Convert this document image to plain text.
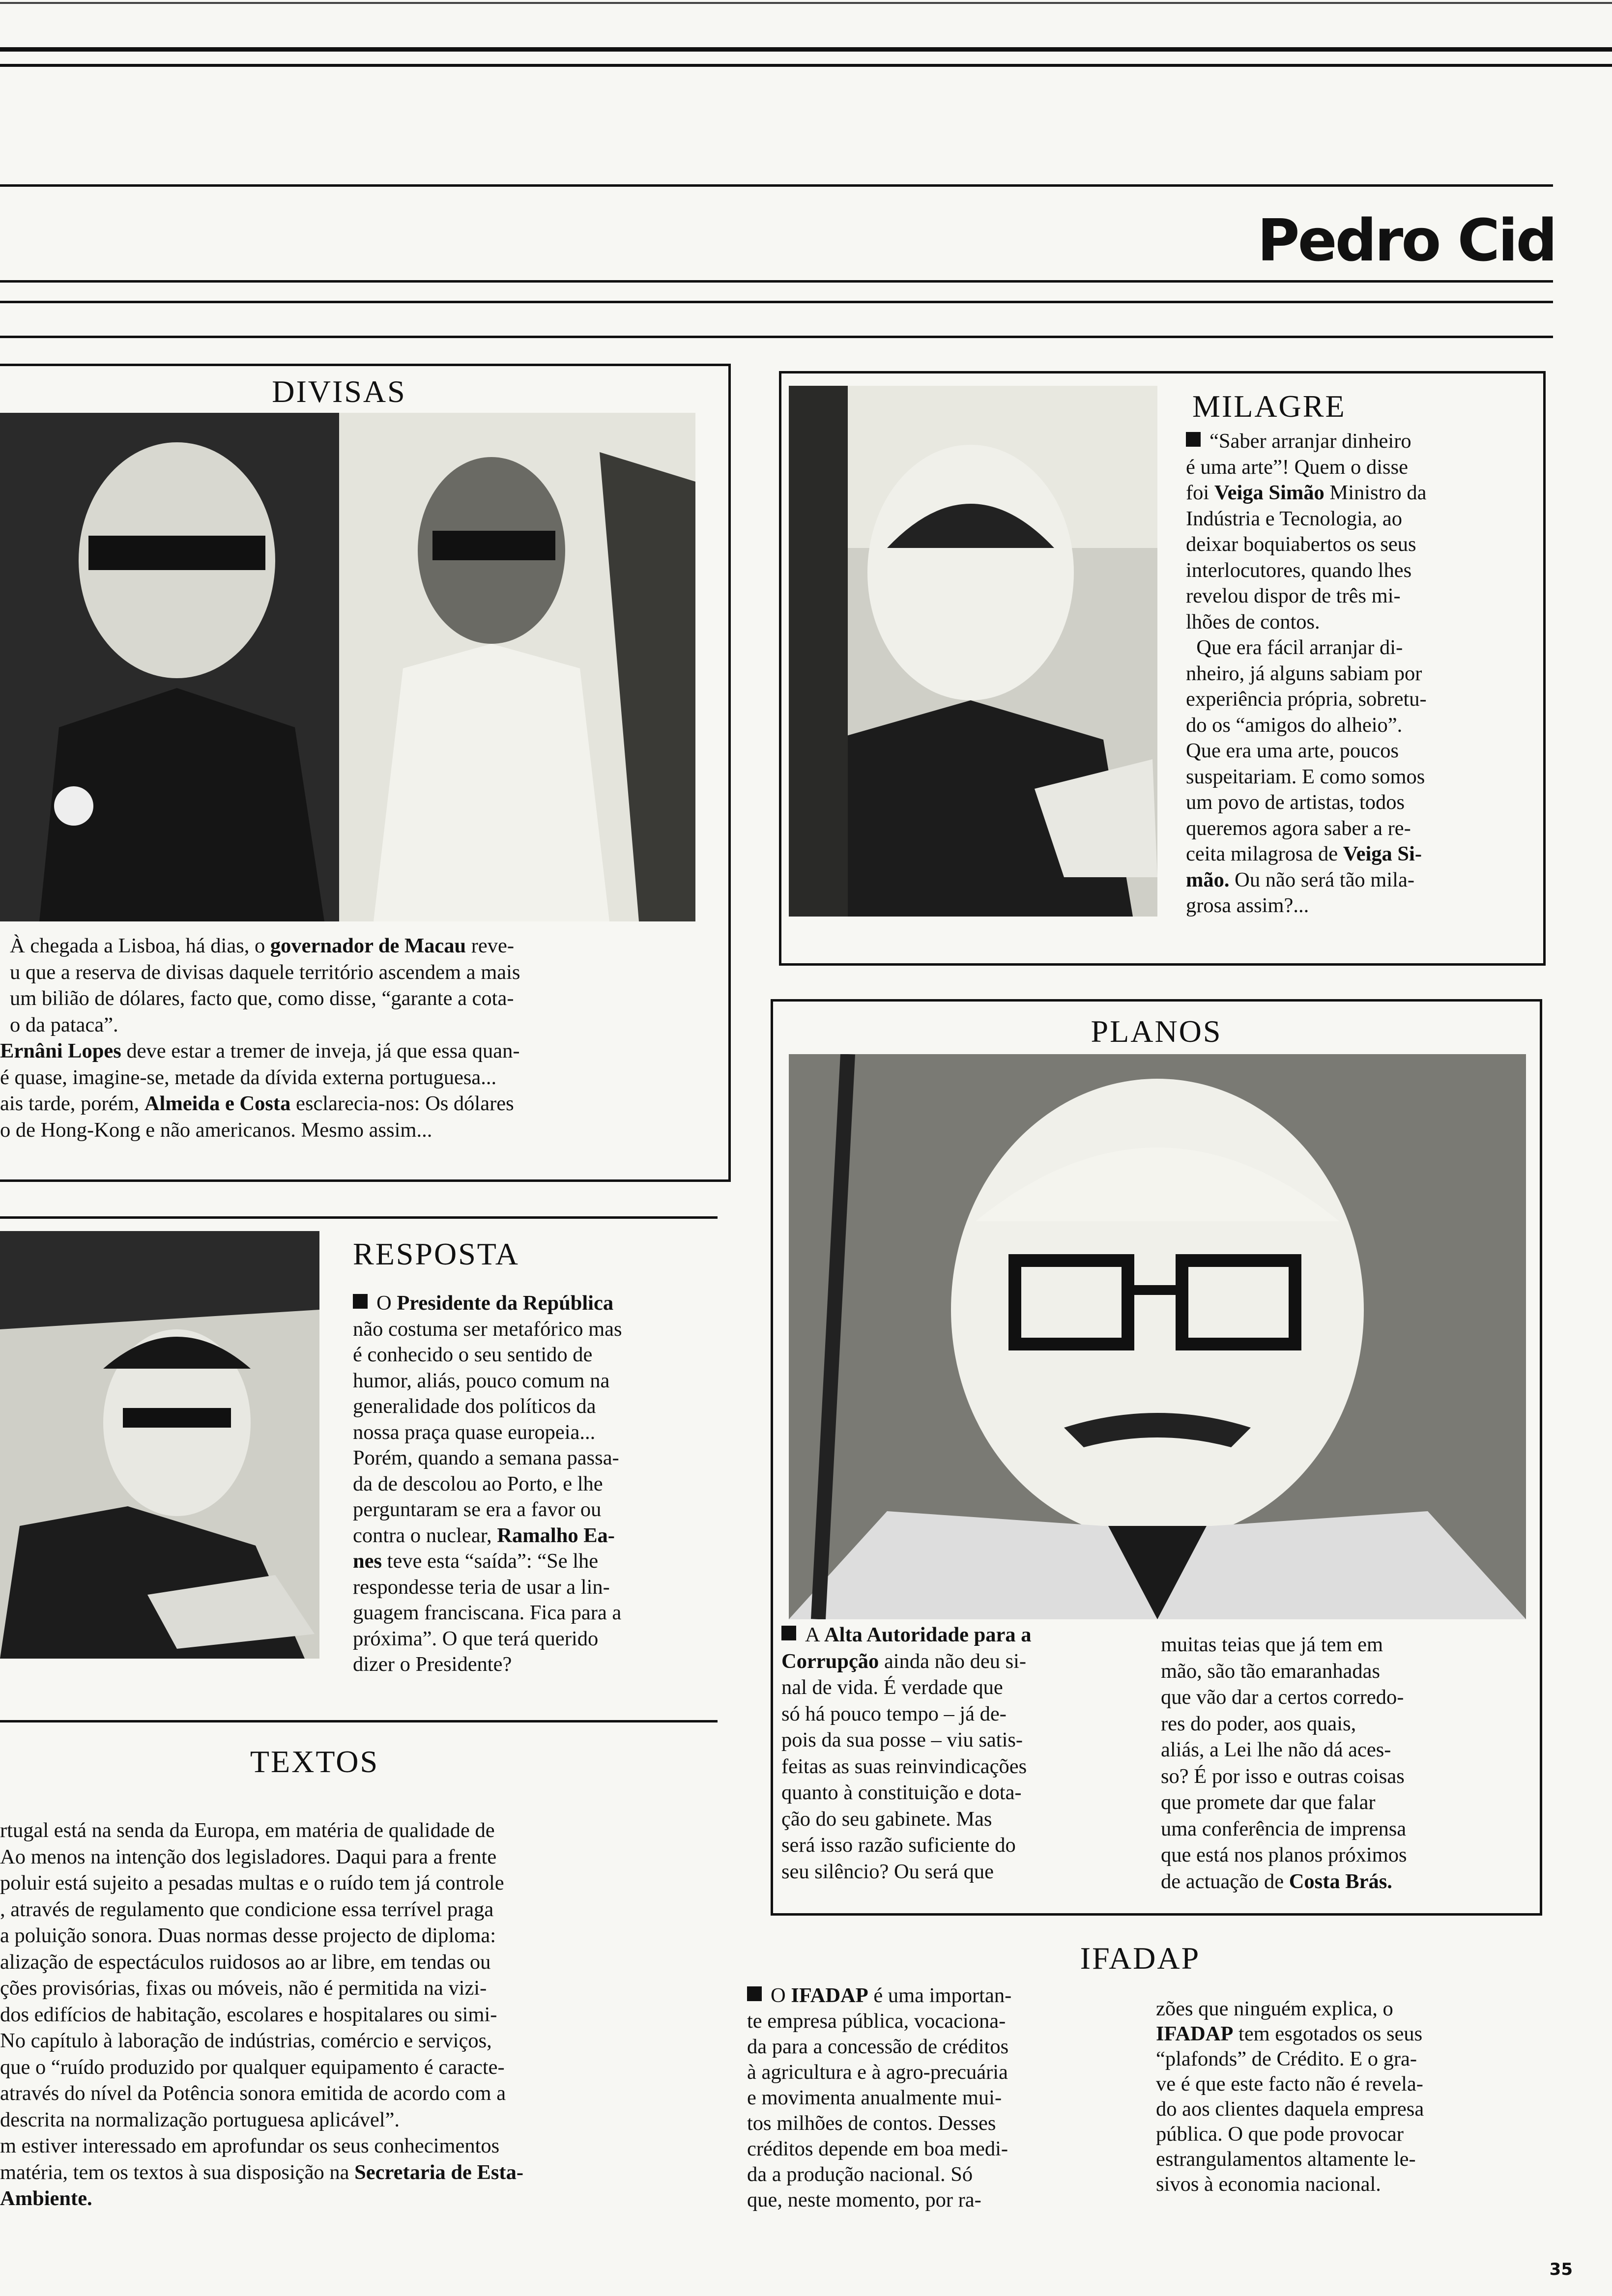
Pedro Cid
DIVISAS

À chegada a Lisboa, há dias, o governador de Macau reve-
u que a reserva de divisas daquele território ascendem a mais
um bilião de dólares, facto que, como disse, “garante a cota-
o da pataca”.

Ernâni Lopes deve estar a tremer de inveja, já que essa quan-
é quase, imagine-se, metade da dívida externa portuguesa...
ais tarde, porém, Almeida e Costa esclarecia-nos: Os dólares
o de Hong-Kong e não americanos. Mesmo assim...

MILAGRE

“Saber arranjar dinheiro
é uma arte”! Quem o disse
foi Veiga Simão Ministro da
Indústria e Tecnologia, ao
deixar boquiabertos os seus
interlocutores, quando lhes
revelou dispor de três mi-
lhões de contos.
Que era fácil arranjar di-
nheiro, já alguns sabiam por
experiência própria, sobretu-
do os “amigos do alheio”.
Que era uma arte, poucos
suspeitariam. E como somos
um povo de artistas, todos
queremos agora saber a re-
ceita milagrosa de Veiga Si-
mão. Ou não será tão mila-
grosa assim?...

PLANOS

A Alta Autoridade para a
Corrupção ainda não deu si-
nal de vida. É verdade que
só há pouco tempo – já de-
pois da sua posse – viu satis-
feitas as suas reinvindicações
quanto à constituição e dota-
ção do seu gabinete. Mas
será isso razão suficiente do
seu silêncio? Ou será que

muitas teias que já tem em
mão, são tão emaranhadas
que vão dar a certos corredo-
res do poder, aos quais,
aliás, a Lei lhe não dá aces-
so? É por isso e outras coisas
que promete dar que falar
uma conferência de imprensa
que está nos planos próximos
de actuação de Costa Brás.

RESPOSTA

O Presidente da República
não costuma ser metafórico mas
é conhecido o seu sentido de
humor, aliás, pouco comum na
generalidade dos políticos da
nossa praça quase europeia...
Porém, quando a semana passa-
da de descolou ao Porto, e lhe
perguntaram se era a favor ou
contra o nuclear, Ramalho Ea-
nes teve esta “saída”: “Se lhe
respondesse teria de usar a lin-
guagem franciscana. Fica para a
próxima”. O que terá querido
dizer o Presidente?

TEXTOS

rtugal está na senda da Europa, em matéria de qualidade de
Ao menos na intenção dos legisladores. Daqui para a frente
poluir está sujeito a pesadas multas e o ruído tem já controle
, através de regulamento que condicione essa terrível praga
a poluição sonora. Duas normas desse projecto de diploma:
alização de espectáculos ruidosos ao ar libre, em tendas ou
ções provisórias, fixas ou móveis, não é permitida na vizi-
dos edifícios de habitação, escolares e hospitalares ou simi-
No capítulo à laboração de indústrias, comércio e serviços,
que o “ruído produzido por qualquer equipamento é caracte-
através do nível da Potência sonora emitida de acordo com a
descrita na normalização portuguesa aplicável”.
m estiver interessado em aprofundar os seus conhecimentos
matéria, tem os textos à sua disposição na Secretaria de Esta-
Ambiente.

IFADAP

O IFADAP é uma importan-
te empresa pública, vocaciona-
da para a concessão de créditos
à agricultura e à agro-precuária
e movimenta anualmente mui-
tos milhões de contos. Desses
créditos depende em boa medi-
da a produção nacional. Só
que, neste momento, por ra-

zões que ninguém explica, o
IFADAP tem esgotados os seus
“plafonds” de Crédito. E o gra-
ve é que este facto não é revela-
do aos clientes daquela empresa
pública. O que pode provocar
estrangulamentos altamente le-
sivos à economia nacional.

35
